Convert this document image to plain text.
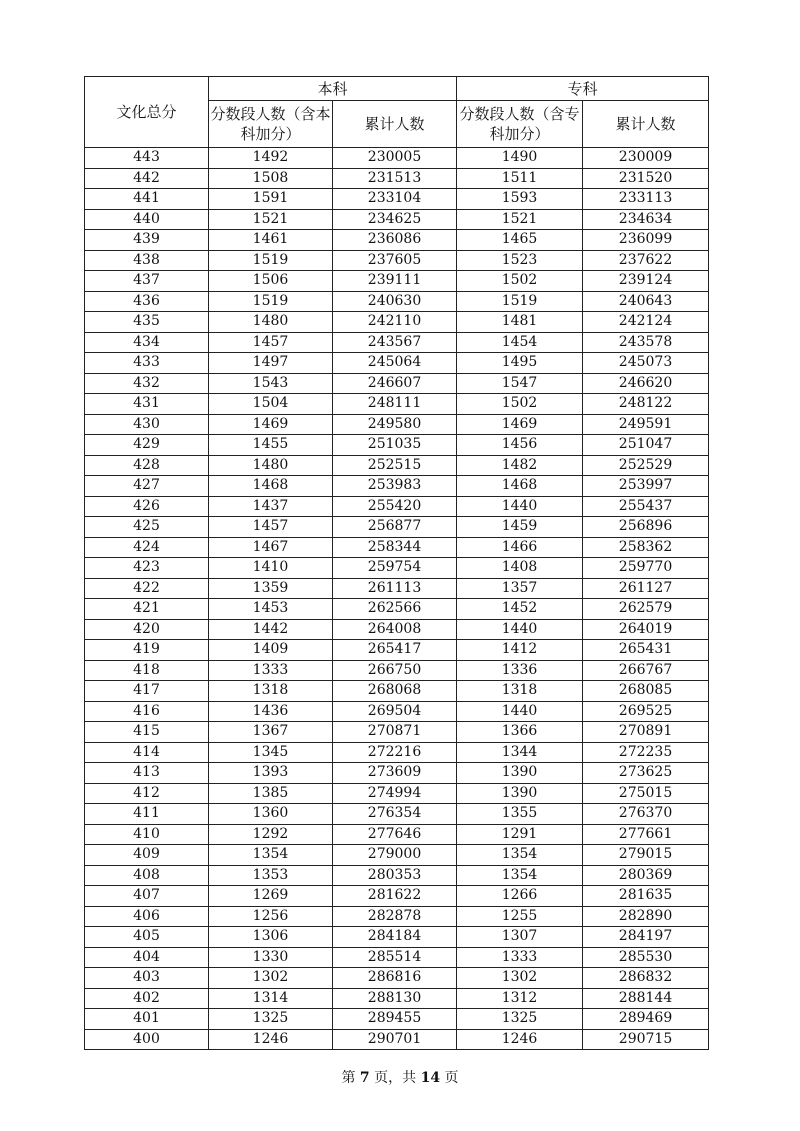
文化总分	本科		专科	
	分数段人数（含本科加分）	累计人数	分数段人数（含专科加分）	累计人数
443	1492	230005	1490	230009
442	1508	231513	1511	231520
441	1591	233104	1593	233113
440	1521	234625	1521	234634
439	1461	236086	1465	236099
438	1519	237605	1523	237622
437	1506	239111	1502	239124
436	1519	240630	1519	240643
435	1480	242110	1481	242124
434	1457	243567	1454	243578
433	1497	245064	1495	245073
432	1543	246607	1547	246620
431	1504	248111	1502	248122
430	1469	249580	1469	249591
429	1455	251035	1456	251047
428	1480	252515	1482	252529
427	1468	253983	1468	253997
426	1437	255420	1440	255437
425	1457	256877	1459	256896
424	1467	258344	1466	258362
423	1410	259754	1408	259770
422	1359	261113	1357	261127
421	1453	262566	1452	262579
420	1442	264008	1440	264019
419	1409	265417	1412	265431
418	1333	266750	1336	266767
417	1318	268068	1318	268085
416	1436	269504	1440	269525
415	1367	270871	1366	270891
414	1345	272216	1344	272235
413	1393	273609	1390	273625
412	1385	274994	1390	275015
411	1360	276354	1355	276370
410	1292	277646	1291	277661
409	1354	279000	1354	279015
408	1353	280353	1354	280369
407	1269	281622	1266	281635
406	1256	282878	1255	282890
405	1306	284184	1307	284197
404	1330	285514	1333	285530
403	1302	286816	1302	286832
402	1314	288130	1312	288144
401	1325	289455	1325	289469
400	1246	290701	1246	290715
第 7 页，共 14 页
